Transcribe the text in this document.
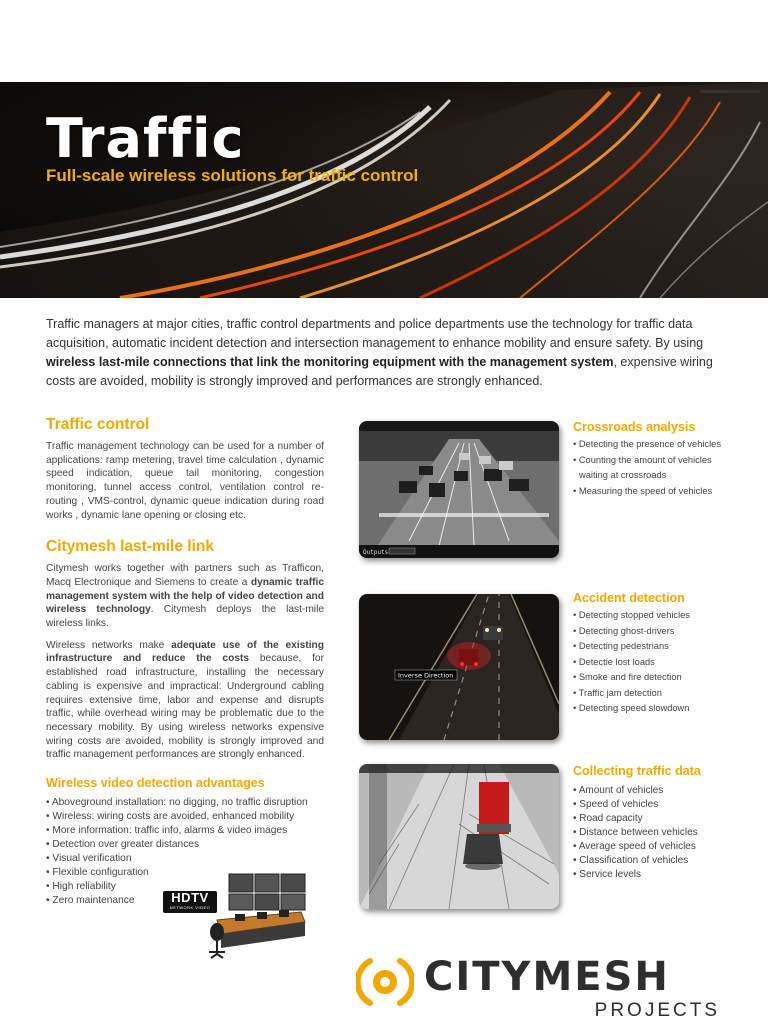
Traffic
Full-scale wireless solutions for traffic control

Traffic managers at major cities, traffic control departments and police departments use the technology for traffic data acquisition, automatic incident detection and intersection management to enhance mobility and ensure safety. By using wireless last-mile connections that link the monitoring equipment with the management system, expensive wiring costs are avoided, mobility is strongly improved and performances are strongly enhanced.

Traffic control

Traffic management technology can be used for a number of applications: ramp metering, travel time calculation , dynamic speed indication, queue tail monitoring, congestion monitoring, tunnel access control, ventilation control re-routing , VMS-control, dynamic queue indication during road works , dynamic lane opening or closing etc.

Citymesh last-mile link

Citymesh works together with partners such as Trafficon, Macq Electronique and Siemens to create a dynamic traffic management system with the help of video detection and wireless technology. Citymesh deploys the last-mile wireless links.

Wireless networks make adequate use of the existing infrastructure and reduce the costs because, for established road infrastructure, installing the necessary cabling is expensive and impractical: Underground cabling requires extensive time, labor and expense and disrupts traffic, while overhead wiring may be problematic due to the necessary mobility. By using wireless networks expensive wiring costs are avoided, mobility is strongly improved and traffic management performances are strongly enhanced.

Wireless video detection advantages
• Aboveground installation: no digging, no traffic disruption
• Wireless: wiring costs are avoided, enhanced mobility
• More information: traffic info, alarms & video images
• Detection over greater distances
• Visual verification
• Flexible configuration
• High reliability
• Zero maintenance	HDTV
NETWORK VIDEO
Outputs
Crossroads analysis
• Detecting the presence of vehicles
• Counting the amount of vehicles
waiting at crossroads
• Measuring the speed of vehicles
Inverse Direction
Accident detection
• Detecting stopped vehicles
• Detecting ghost-drivers
• Detecting pedestrians
• Detectie lost loads
• Smoke and fire detection
• Traffic jam detection
• Detecting speed slowdown
Collecting traffic data
• Amount of vehicles
• Speed of vehicles
• Road capacity
• Distance between vehicles
• Average speed of vehicles
• Classification of vehicles
• Service levels
CITYMESH
PROJECTS
